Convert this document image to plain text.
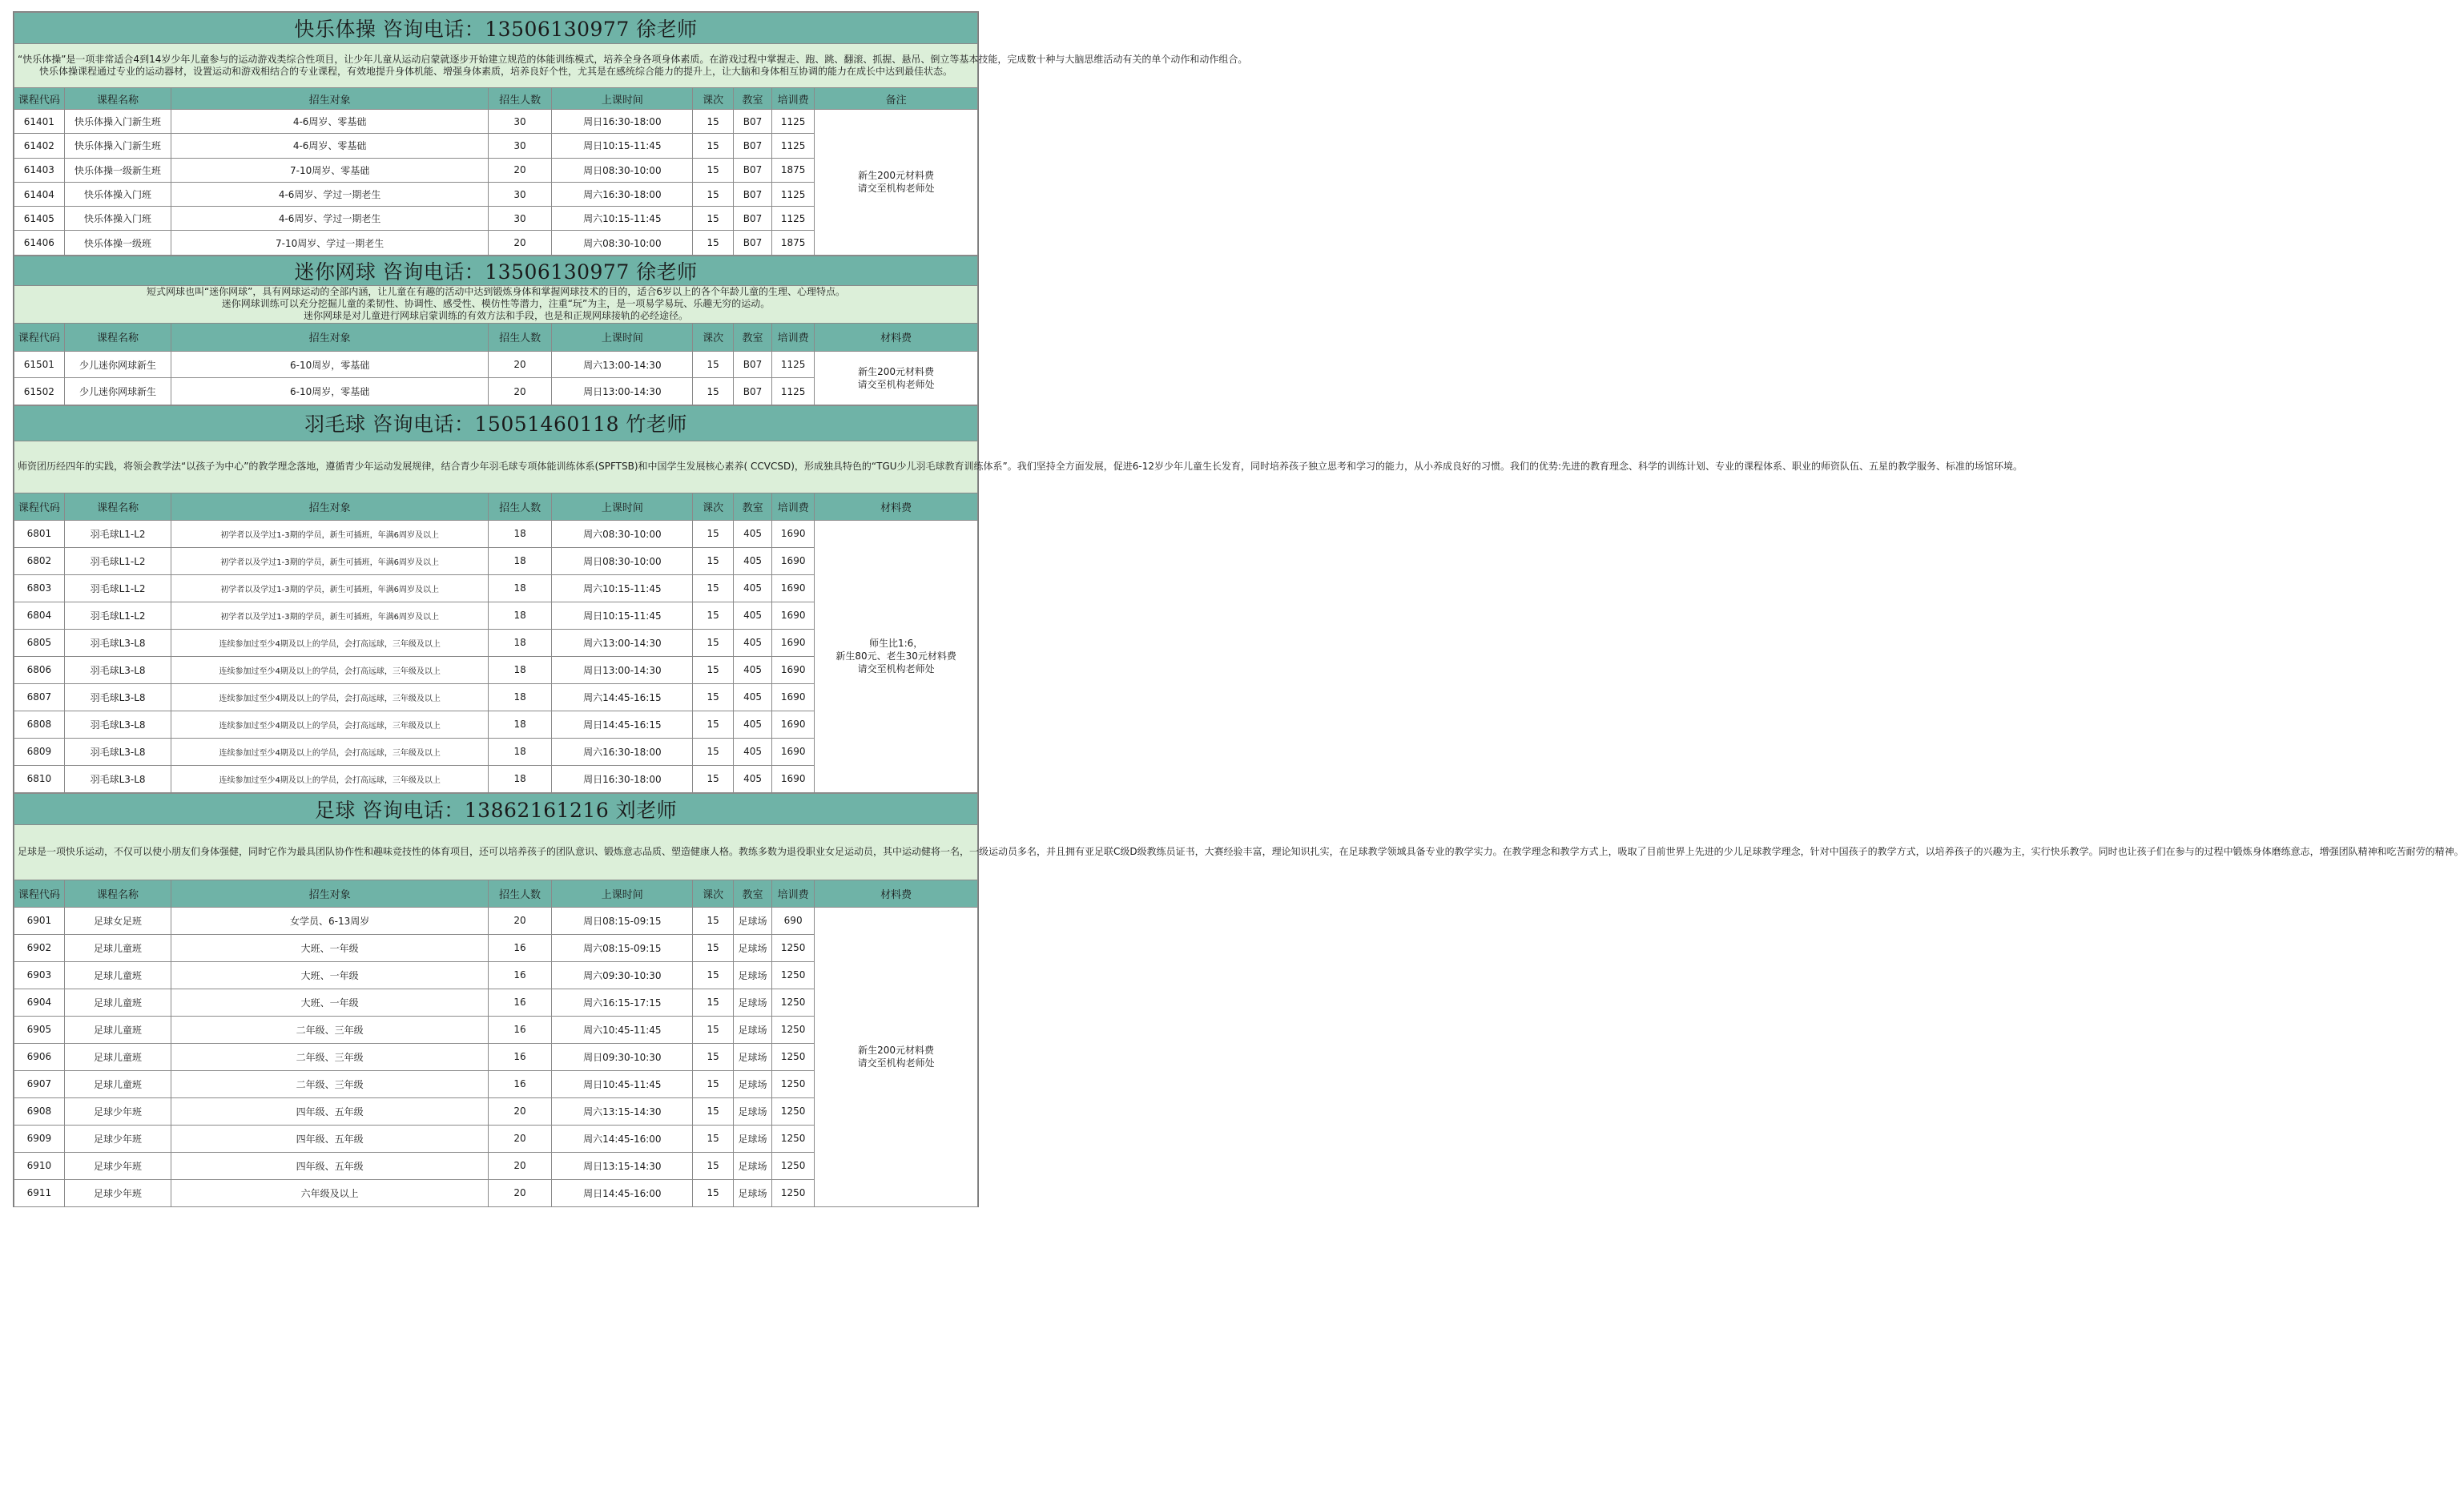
快乐体操 咨询电话：13506130977 徐老师								

“快乐体操”是一项非常适合4到14岁少年儿童参与的运动游戏类综合性项目，让少年儿童从运动启蒙就逐步开始建立规范的体能训练模式，培养全身各项身体素质。在游戏过程中掌握走、跑、跳、翻滚、抓握、悬吊、倒立等基本技能，完成数十种与大脑思维活动有关的单个动作和动作组合。
快乐体操课程通过专业的运动器材，设置运动和游戏相结合的专业课程，有效地提升身体机能、增强身体素质，培养良好个性，尤其是在感统综合能力的提升上，让大脑和身体相互协调的能力在成长中达到最佳状态。								

课程代码	课程名称	招生对象	招生人数	上课时间	课次	教室	培训费	备注
61401	快乐体操入门新生班	4-6周岁、零基础	30	周日16:30-18:00	15	B07	1125	新生200元材料费
请交至机构老师处

61402	快乐体操入门新生班	4-6周岁、零基础	30	周日10:15-11:45	15	B07	1125	
61403	快乐体操一级新生班	7-10周岁、零基础	20	周日08:30-10:00	15	B07	1875	
61404	快乐体操入门班	4-6周岁、学过一期老生	30	周六16:30-18:00	15	B07	1125	
61405	快乐体操入门班	4-6周岁、学过一期老生	30	周六10:15-11:45	15	B07	1125	
61406	快乐体操一级班	7-10周岁、学过一期老生	20	周六08:30-10:00	15	B07	1875	
迷你网球 咨询电话：13506130977 徐老师								

短式网球也叫“迷你网球”，具有网球运动的全部内涵，让儿童在有趣的活动中达到锻炼身体和掌握网球技术的目的，适合6岁以上的各个年龄儿童的生理、心理特点。
迷你网球训练可以充分挖掘儿童的柔韧性、协调性、感受性、模仿性等潜力，注重“玩”为主，是一项易学易玩、乐趣无穷的运动。
迷你网球是对儿童进行网球启蒙训练的有效方法和手段，也是和正规网球接轨的必经途径。								

课程代码	课程名称	招生对象	招生人数	上课时间	课次	教室	培训费	材料费
61501	少儿迷你网球新生	6-10周岁，零基础	20	周六13:00-14:30	15	B07	1125	新生200元材料费
请交至机构老师处

61502	少儿迷你网球新生	6-10周岁，零基础	20	周日13:00-14:30	15	B07	1125	
羽毛球 咨询电话：15051460118 竹老师								

师资团历经四年的实践，将领会教学法“以孩子为中心”的教学理念落地，遵循青少年运动发展规律，结合青少年羽毛球专项体能训练体系(SPFTSB)和中国学生发展核心素养( CCVCSD)，形成独具特色的“TGU少儿羽毛球教育训练体系”。我们坚持全方面发展，促进6-12岁少年儿童生长发育，同时培养孩子独立思考和学习的能力，从小养成良好的习惯。我们的优势:先进的教育理念、科学的训练计划、专业的课程体系、职业的师资队伍、五星的教学服务、标准的场馆环境。								

课程代码	课程名称	招生对象	招生人数	上课时间	课次	教室	培训费	材料费
6801	羽毛球L1-L2	初学者以及学过1-3期的学员，新生可插班，年满6周岁及以上	18	周六08:30-10:00	15	405	1690	师生比1:6，
新生80元、老生30元材料费
请交至机构老师处

6802	羽毛球L1-L2	初学者以及学过1-3期的学员，新生可插班，年满6周岁及以上	18	周日08:30-10:00	15	405	1690	
6803	羽毛球L1-L2	初学者以及学过1-3期的学员，新生可插班，年满6周岁及以上	18	周六10:15-11:45	15	405	1690	
6804	羽毛球L1-L2	初学者以及学过1-3期的学员，新生可插班，年满6周岁及以上	18	周日10:15-11:45	15	405	1690	
6805	羽毛球L3-L8	连续参加过至少4期及以上的学员，会打高远球，三年级及以上	18	周六13:00-14:30	15	405	1690	
6806	羽毛球L3-L8	连续参加过至少4期及以上的学员，会打高远球，三年级及以上	18	周日13:00-14:30	15	405	1690	
6807	羽毛球L3-L8	连续参加过至少4期及以上的学员，会打高远球，三年级及以上	18	周六14:45-16:15	15	405	1690	
6808	羽毛球L3-L8	连续参加过至少4期及以上的学员，会打高远球，三年级及以上	18	周日14:45-16:15	15	405	1690	
6809	羽毛球L3-L8	连续参加过至少4期及以上的学员，会打高远球，三年级及以上	18	周六16:30-18:00	15	405	1690	
6810	羽毛球L3-L8	连续参加过至少4期及以上的学员，会打高远球，三年级及以上	18	周日16:30-18:00	15	405	1690	
足球 咨询电话：13862161216 刘老师								

足球是一项快乐运动，不仅可以使小朋友们身体强健，同时它作为最具团队协作性和趣味竞技性的体育项目，还可以培养孩子的团队意识、锻炼意志品质、塑造健康人格。教练多数为退役职业女足运动员，其中运动健将一名，一级运动员多名，并且拥有亚足联C级D级教练员证书，大赛经验丰富，理论知识扎实，在足球教学领域具备专业的教学实力。在教学理念和教学方式上，吸取了目前世界上先进的少儿足球教学理念，针对中国孩子的教学方式，以培养孩子的兴趣为主，实行快乐教学。同时也让孩子们在参与的过程中锻炼身体磨练意志，增强团队精神和吃苦耐劳的精神。								

课程代码	课程名称	招生对象	招生人数	上课时间	课次	教室	培训费	材料费
6901	足球女足班	女学员、6-13周岁	20	周日08:15-09:15	15	足球场	690	新生200元材料费
请交至机构老师处

6902	足球儿童班	大班、一年级	16	周六08:15-09:15	15	足球场	1250	
6903	足球儿童班	大班、一年级	16	周六09:30-10:30	15	足球场	1250	
6904	足球儿童班	大班、一年级	16	周六16:15-17:15	15	足球场	1250	
6905	足球儿童班	二年级、三年级	16	周六10:45-11:45	15	足球场	1250	
6906	足球儿童班	二年级、三年级	16	周日09:30-10:30	15	足球场	1250	
6907	足球儿童班	二年级、三年级	16	周日10:45-11:45	15	足球场	1250	
6908	足球少年班	四年级、五年级	20	周六13:15-14:30	15	足球场	1250	
6909	足球少年班	四年级、五年级	20	周六14:45-16:00	15	足球场	1250	
6910	足球少年班	四年级、五年级	20	周日13:15-14:30	15	足球场	1250	
6911	足球少年班	六年级及以上	20	周日14:45-16:00	15	足球场	1250	
